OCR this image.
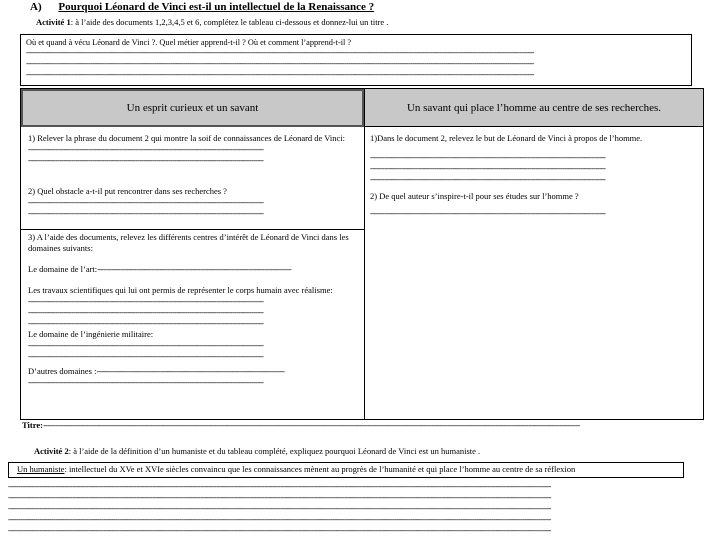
A) Pourquoi Léonard de Vinci est-il un intellectuel de la Renaissance ?
Activité 1: à l’aide des documents 1,2,3,4,5 et 6, complétez le tableau ci-dessous et donnez-lui un titre .
Où et quand à vécu Léonard de Vinci ?. Quel métier apprend-t-il ? Où et comment l’apprend-t-il ?
------------------------------------------------------------------------------------------------------------------------------------------------------------------------------------------------------------------------------------------------------
------------------------------------------------------------------------------------------------------------------------------------------------------------------------------------------------------------------------------------------------------
------------------------------------------------------------------------------------------------------------------------------------------------------------------------------------------------------------------------------------------------------
Un esprit curieux et un savant	Un savant qui place l’homme au centre de ses recherches.
1) Relever la phrase du document 2 qui montre la soif de connaissances de Léonard de Vinci:
------------------------------------------------------------------------------------------------------------------
------------------------------------------------------------------------------------------------------------------
2) Quel obstacle a-t-il put rencontrer dans ses recherches ?
------------------------------------------------------------------------------------------------------------------
------------------------------------------------------------------------------------------------------------------
3) A l’aide des documents, relevez les différents centres d’intérêt de Léonard de Vinci dans les domaines suivants:
Le domaine de l’art:----------------------------------------------------------------------------------------------
Les travaux scientifiques qui lui ont permis de représenter le corps humain avec réalisme:
------------------------------------------------------------------------------------------------------------------
------------------------------------------------------------------------------------------------------------------
------------------------------------------------------------------------------------------------------------------
Le domaine de l’ingénierie militaire:
------------------------------------------------------------------------------------------------------------------
------------------------------------------------------------------------------------------------------------------
D’autres domaines :-------------------------------------------------------------------------------------------
------------------------------------------------------------------------------------------------------------------
1)Dans le document 2, relevez le but de Léonard de Vinci à propos de l’homme.
------------------------------------------------------------------------------------------------------------------
------------------------------------------------------------------------------------------------------------------
------------------------------------------------------------------------------------------------------------------
2) De quel auteur s’inspire-t-il pour ses études sur l’homme ?
------------------------------------------------------------------------------------------------------------------
Titre:--------------------------------------------------------------------------------------------------------------------------------------------------------------------------------------------------------------------------------------------------------------------
Activité 2: à l’aide de la définition d’un humaniste et du tableau complété, expliquez pourquoi Léonard de Vinci est un humaniste .
Un humaniste: intellectuel du XVe et XVIe siècles convaincu que les connaissances mènent au progrès de l’humanité et qui place l’homme au centre de sa réflexion
-----------------------------------------------------------------------------------------------------------------------------------------------------------------------------------------------------------------------------------------------------------------------
-----------------------------------------------------------------------------------------------------------------------------------------------------------------------------------------------------------------------------------------------------------------------
-----------------------------------------------------------------------------------------------------------------------------------------------------------------------------------------------------------------------------------------------------------------------
-----------------------------------------------------------------------------------------------------------------------------------------------------------------------------------------------------------------------------------------------------------------------
-----------------------------------------------------------------------------------------------------------------------------------------------------------------------------------------------------------------------------------------------------------------------
